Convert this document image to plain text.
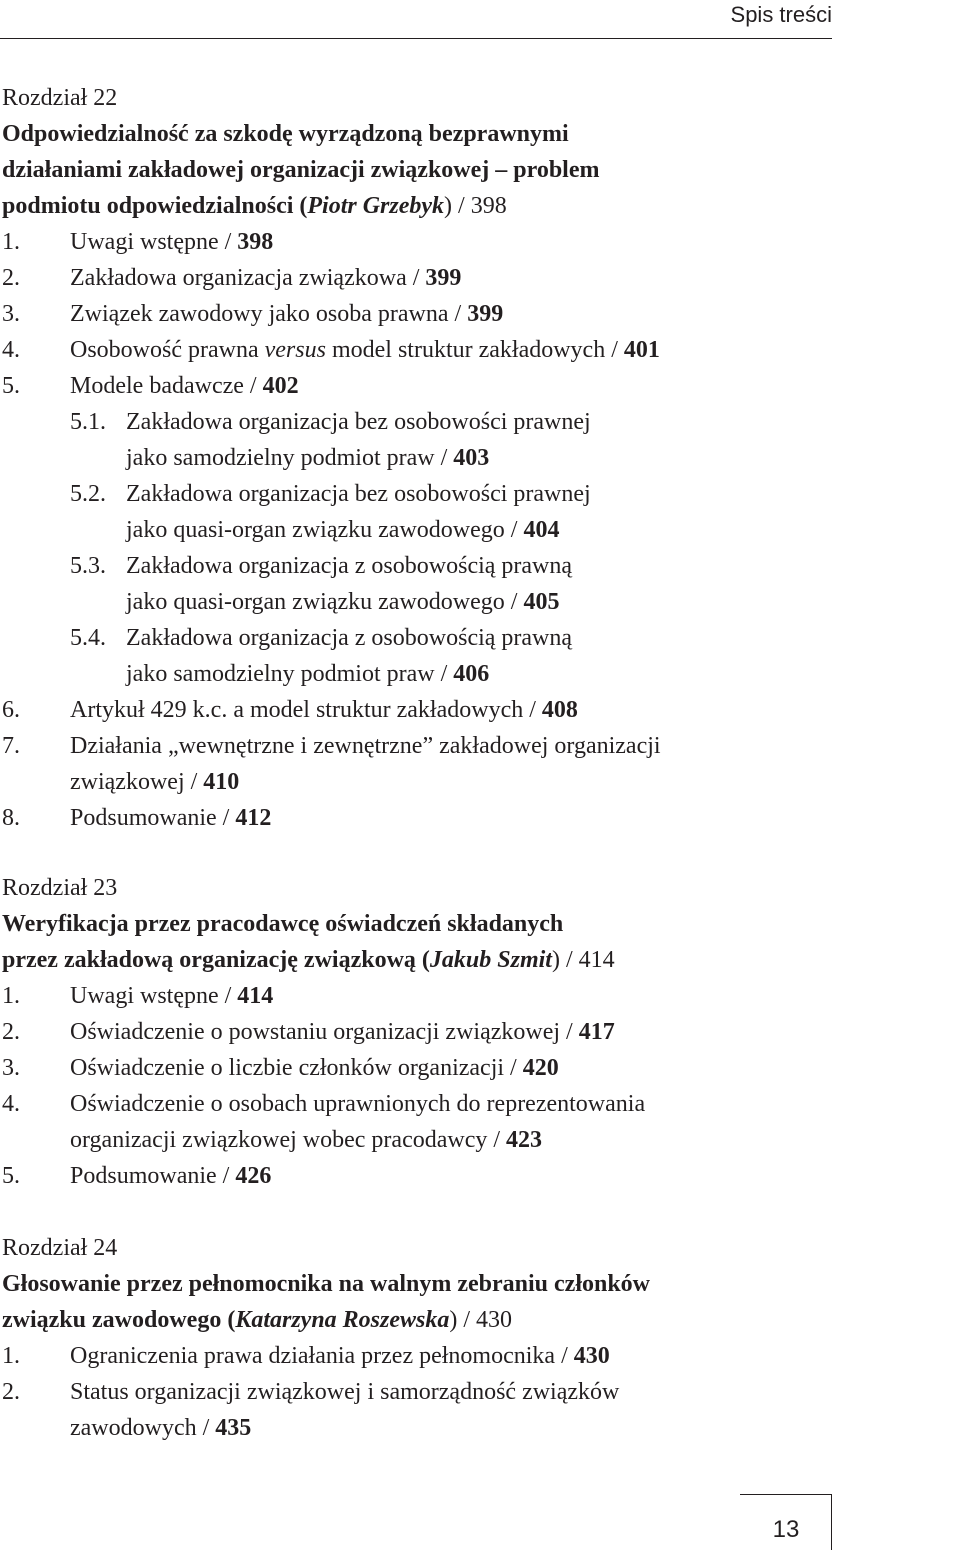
Spis treści

Rozdział 22

Odpowiedzialność za szkodę wyrządzoną bezprawnymi
działaniami zakładowej organizacji związkowej – problem
podmiotu odpowiedzialności (Piotr Grzebyk) / 398

1. Uwagi wstępne / 398
2. Zakładowa organizacja związkowa / 399
3. Związek zawodowy jako osoba prawna / 399
4. Osobowość prawna versus model struktur zakładowych / 401
5. Modele badawcze / 402
5.1. Zakładowa organizacja bez osobowości prawnej
jako samodzielny podmiot praw / 403
5.2. Zakładowa organizacja bez osobowości prawnej
jako quasi-organ związku zawodowego / 404
5.3. Zakładowa organizacja z osobowością prawną
jako quasi-organ związku zawodowego / 405
5.4. Zakładowa organizacja z osobowością prawną
jako samodzielny podmiot praw / 406
6. Artykuł 429 k.c. a model struktur zakładowych / 408
7. Działania „wewnętrzne i zewnętrzne” zakładowej organizacji
związkowej / 410
8. Podsumowanie / 412

Rozdział 23

Weryfikacja przez pracodawcę oświadczeń składanych
przez zakładową organizację związkową (Jakub Szmit) / 414

1. Uwagi wstępne / 414
2. Oświadczenie o powstaniu organizacji związkowej / 417
3. Oświadczenie o liczbie członków organizacji / 420
4. Oświadczenie o osobach uprawnionych do reprezentowania
organizacji związkowej wobec pracodawcy / 423
5. Podsumowanie / 426

Rozdział 24

Głosowanie przez pełnomocnika na walnym zebraniu członków
związku zawodowego (Katarzyna Roszewska) / 430

1. Ograniczenia prawa działania przez pełnomocnika / 430
2. Status organizacji związkowej i samorządność związków
zawodowych / 435
13
